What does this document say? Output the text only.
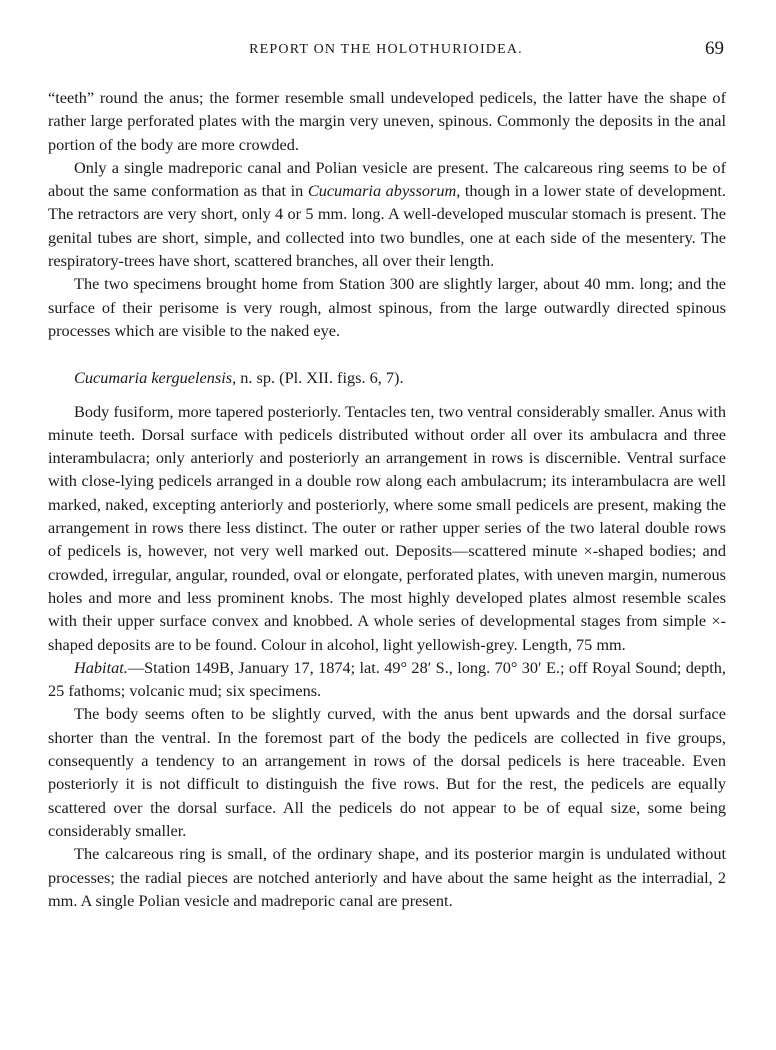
REPORT ON THE HOLOTHURIOIDEA.	69

“teeth” round the anus; the former resemble small undeveloped pedicels, the latter have the shape of rather large perforated plates with the margin very uneven, spinous. Commonly the deposits in the anal portion of the body are more crowded.

Only a single madreporic canal and Polian vesicle are present. The calcareous ring seems to be of about the same conformation as that in Cucumaria abyssorum, though in a lower state of development. The retractors are very short, only 4 or 5 mm. long. A well-developed muscular stomach is present. The genital tubes are short, simple, and collected into two bundles, one at each side of the mesentery. The respiratory-trees have short, scattered branches, all over their length.

The two specimens brought home from Station 300 are slightly larger, about 40 mm. long; and the surface of their perisome is very rough, almost spinous, from the large outwardly directed spinous processes which are visible to the naked eye.

Cucumaria kerguelensis, n. sp. (Pl. XII. figs. 6, 7).

Body fusiform, more tapered posteriorly. Tentacles ten, two ventral considerably smaller. Anus with minute teeth. Dorsal surface with pedicels distributed without order all over its ambulacra and three interambulacra; only anteriorly and posteriorly an arrangement in rows is discernible. Ventral surface with close-lying pedicels arranged in a double row along each ambulacrum; its interambulacra are well marked, naked, excepting anteriorly and posteriorly, where some small pedicels are present, making the arrangement in rows there less distinct. The outer or rather upper series of the two lateral double rows of pedicels is, however, not very well marked out. Deposits—scattered minute ×-shaped bodies; and crowded, irregular, angular, rounded, oval or elongate, perforated plates, with uneven margin, numerous holes and more and less prominent knobs. The most highly developed plates almost resemble scales with their upper surface convex and knobbed. A whole series of developmental stages from simple ×-shaped deposits are to be found. Colour in alcohol, light yellowish-grey. Length, 75 mm.

Habitat.—Station 149B, January 17, 1874; lat. 49° 28′ S., long. 70° 30′ E.; off Royal Sound; depth, 25 fathoms; volcanic mud; six specimens.

The body seems often to be slightly curved, with the anus bent upwards and the dorsal surface shorter than the ventral. In the foremost part of the body the pedicels are collected in five groups, consequently a tendency to an arrangement in rows of the dorsal pedicels is here traceable. Even posteriorly it is not difficult to distinguish the five rows. But for the rest, the pedicels are equally scattered over the dorsal surface. All the pedicels do not appear to be of equal size, some being considerably smaller.

The calcareous ring is small, of the ordinary shape, and its posterior margin is undulated without processes; the radial pieces are notched anteriorly and have about the same height as the interradial, 2 mm. A single Polian vesicle and madreporic canal are present.
